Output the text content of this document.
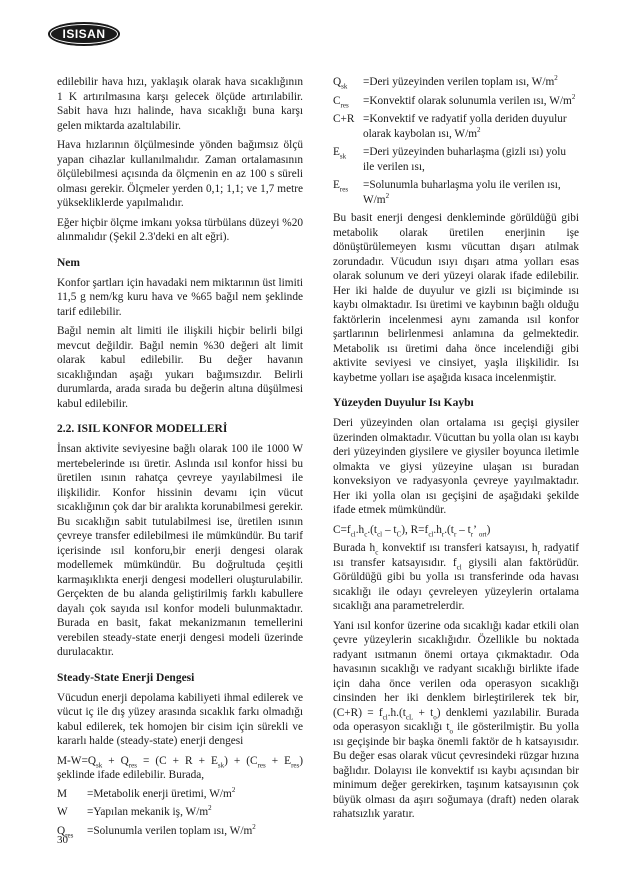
ISISAN

edilebilir hava hızı, yaklaşık olarak hava sıcaklığının 1 K artırılmasına karşı gelecek ölçüde artırılabilir. Sabit hava hızı halinde, hava sıcaklığı buna karşı gelen miktarda azaltılabilir.

Hava hızlarının ölçülmesinde yönden bağımsız ölçü yapan cihazlar kullanılmalıdır. Zaman ortalamasının ölçülebilmesi açısında da ölçmenin en az 100 s süreli olması gerekir. Ölçmeler yerden 0,1; 1,1; ve 1,7 metre yüksekliklerde yapılmalıdır.

Eğer hiçbir ölçme imkanı yoksa türbülans düzeyi %20 alınmalıdır (Şekil 2.3'deki en alt eğri).

Nem

Konfor şartları için havadaki nem miktarının üst limiti 11,5 g nem/kg kuru hava ve %65 bağıl nem şeklinde tarif edilebilir.

Bağıl nemin alt limiti ile ilişkili hiçbir belirli bilgi mevcut değildir. Bağıl nemin %30 değeri alt limit olarak kabul edilebilir. Bu değer havanın sıcaklığından aşağı yukarı bağımsızdır. Belirli durumlarda, arada sırada bu değerin altına düşülmesi kabul edilebilir.

2.2. ISIL KONFOR MODELLERİ

İnsan aktivite seviyesine bağlı olarak 100 ile 1000 W mertebelerinde ısı üretir. Aslında ısıl konfor hissi bu üretilen ısının rahatça çevreye yayılabilmesi ile ilişkilidir. Konfor hissinin devamı için vücut sıcaklığının çok dar bir aralıkta korunabilmesi gerekir. Bu sıcaklığın sabit tutulabilmesi ise, üretilen ısının çevreye transfer edilebilmesi ile mümkündür. Bu tarif içerisinde ısıl konforu,bir enerji dengesi olarak modellemek mümkündür. Bu doğrultuda çeşitli karmaşıklıkta enerji dengesi modelleri oluşturulabilir. Gerçekten de bu alanda geliştirilmiş farklı kabullere dayalı çok sayıda ısıl konfor modeli bulunmaktadır. Burada en basit, fakat mekanizmanın temellerini verebilen steady-state enerji dengesi modeli üzerinde durulacaktır.

Steady-State Enerji Dengesi

Vücudun enerji depolama kabiliyeti ihmal edilerek ve vücut iç ile dış yüzey arasında sıcaklık farkı olmadığı kabul edilerek, tek homojen bir cisim için sürekli ve kararlı halde (steady-state) enerji dengesi

$M-W=Q_{sk} + Q_{res} = (C + R + E_{sk}) + (C_{res} + E_{res})$ şeklinde ifade edilebilir. Burada,

M	=Metabolik enerji üretimi, $W/m^2$
W	=Yapılan mekanik iş, $W/m^2$
$Q_{res}$	=Solunumla verilen toplam ısı, $W/m^2$
$Q_{sk}$	=Deri yüzeyinden verilen toplam ısı, $W/m^2$
$C_{res}$	=Konvektif olarak solunumla verilen ısı, $W/m^2$
C+R =Konvektif ve radyatif yolla deriden duyulur olarak kaybolan ısı, $W/m^2$
$E_{sk}$	=Deri yüzeyinden buharlaşma (gizli ısı) yolu ile verilen ısı,
$E_{res}$	=Solunumla buharlaşma yolu ile verilen ısı, $W/m^2$

Bu basit enerji dengesi denkleminde görüldüğü gibi metabolik olarak üretilen enerjinin işe dönüştürülemeyen kısmı vücuttan dışarı atılmak zorundadır. Vücudun ısıyı dışarı atma yolları esas olarak solunum ve deri yüzeyi olarak ifade edilebilir. Her iki halde de duyulur ve gizli ısı biçiminde ısı kaybı olmaktadır. Isı üretimi ve kaybının bağlı olduğu faktörlerin incelenmesi aynı zamanda ısıl konfor şartlarının belirlenmesi anlamına da gelmektedir. Metabolik ısı üretimi daha önce incelendiği gibi aktivite seviyesi ve cinsiyet, yaşla ilişkilidir. Isı kaybetme yolları ise aşağıda kısaca incelenmiştir.

Yüzeyden Duyulur Isı Kaybı

Deri yüzeyinden olan ortalama ısı geçişi giysiler üzerinden olmaktadır. Vücuttan bu yolla olan ısı kaybı deri yüzeyinden giysilere ve giysiler boyunca iletimle olmakta ve giysi yüzeyine ulaşan ısı buradan konveksiyon ve radyasyonla çevreye yayılmaktadır. Her iki yolla olan ısı geçişini de aşağıdaki şekilde ifade etmek mümkündür.

$C=f_{cl}.h_c.(t_{cl} - t_C)$, $R=f_{cl}.h_r.(t_r - t_r$’ $_{ort}$)

Burada $h_c$ konvektif ısı transferi katsayısı, $h_r$ radyatif ısı transfer katsayısıdır. $f_{cl}$ giysili alan faktörüdür. Görüldüğü gibi bu yolla ısı transferinde oda havası sıcaklığı ile odayı çevreleyen yüzeylerin ortalama sıcaklığı ana parametrelerdir.

Yani ısıl konfor üzerine oda sıcaklığı kadar etkili olan çevre yüzeylerin sıcaklığıdır. Özellikle bu noktada radyant ısıtmanın önemi ortaya çıkmaktadır. Oda havasının sıcaklığı ve radyant sıcaklığı birlikte ifade için daha önce verilen oda operasyon sıcaklığı cinsinden her iki denklem birleştirilerek tek bir, $(C+R) = f_{cl}.h.(t_{cL} + t_o)$ denklemi yazılabilir. Burada oda operasyon sıcaklığı $t_o$ ile gösterilmiştir. Bu yolla ısı geçişinde bir başka önemli faktör de h katsayısıdır. Bu değer esas olarak vücut çevresindeki rüzgar hızına bağlıdır. Dolayısı ile konvektif ısı kaybı açısından bir minimum değer gerekirken, taşınım katsayısının çok büyük olması da aşırı soğumaya (draft) neden olarak rahatsızlık yaratır.

30
